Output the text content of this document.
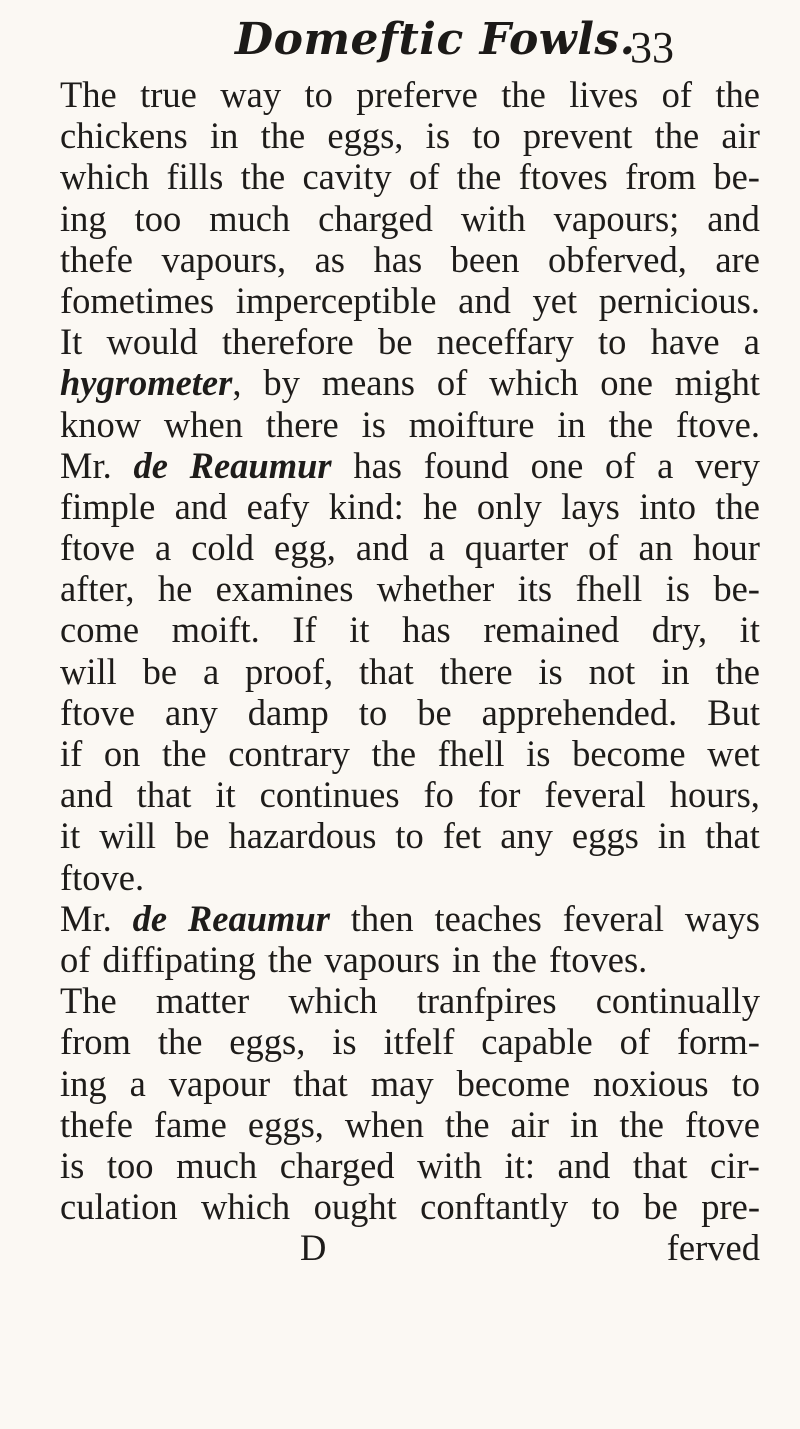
Domeftic Fowls.
33
The true way to preferve the lives of the
chickens in the eggs, is to prevent the air
which fills the cavity of the ftoves from be-
ing too much charged with vapours; and
thefe vapours, as has been obferved, are
fometimes imperceptible and yet pernicious.
It would therefore be neceffary to have a
hygrometer, by means of which one might
know when there is moifture in the ftove.
Mr. de Reaumur has found one of a very
fimple and eafy kind: he only lays into the
ftove a cold egg, and a quarter of an hour
after, he examines whether its fhell is be-
come moift. If it has remained dry, it
will be a proof, that there is not in the
ftove any damp to be apprehended. But
if on the contrary the fhell is become wet
and that it continues fo for feveral hours,
it will be hazardous to fet any eggs in that
ftove.
Mr. de Reaumur then teaches feveral ways
of diffipating the vapours in the ftoves.
The matter which tranfpires continually
from the eggs, is itfelf capable of form-
ing a vapour that may become noxious to
thefe fame eggs, when the air in the ftove
is too much charged with it: and that cir-
culation which ought conftantly to be pre-
D	ferved
